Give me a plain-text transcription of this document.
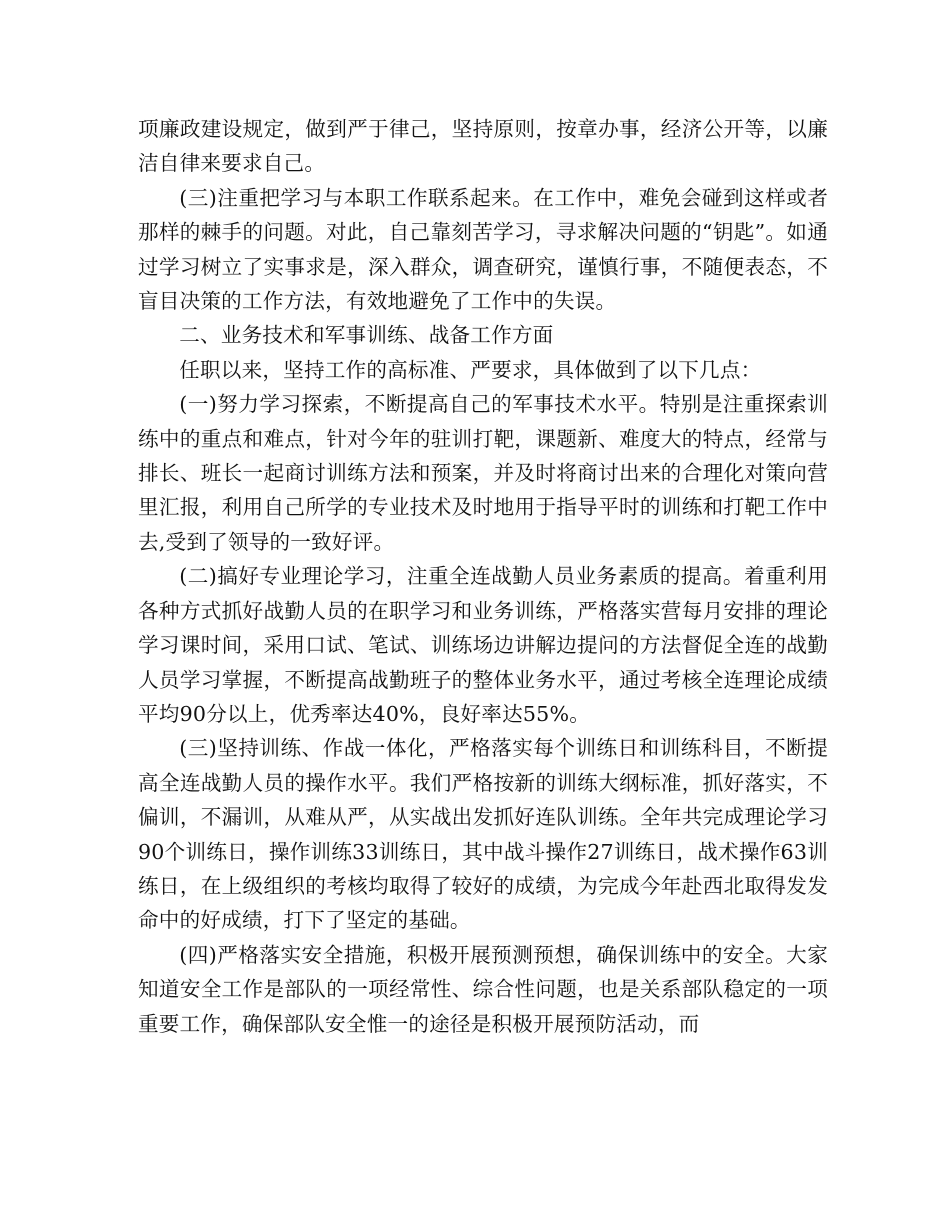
项廉政建设规定，做到严于律己，坚持原则，按章办事，经济公开等，以廉洁自律来要求自己。

(三)注重把学习与本职工作联系起来。在工作中，难免会碰到这样或者那样的棘手的问题。对此，自己靠刻苦学习，寻求解决问题的“钥匙”。如通过学习树立了实事求是，深入群众，调查研究，谨慎行事，不随便表态，不盲目决策的工作方法，有效地避免了工作中的失误。

二、业务技术和军事训练、战备工作方面

任职以来，坚持工作的高标准、严要求，具体做到了以下几点：

(一)努力学习探索，不断提高自己的军事技术水平。特别是注重探索训练中的重点和难点，针对今年的驻训打靶，课题新、难度大的特点，经常与排长、班长一起商讨训练方法和预案，并及时将商讨出来的合理化对策向营里汇报，利用自己所学的专业技术及时地用于指导平时的训练和打靶工作中去,受到了领导的一致好评。

(二)搞好专业理论学习，注重全连战勤人员业务素质的提高。着重利用各种方式抓好战勤人员的在职学习和业务训练，严格落实营每月安排的理论学习课时间，采用口试、笔试、训练场边讲解边提问的方法督促全连的战勤人员学习掌握，不断提高战勤班子的整体业务水平，通过考核全连理论成绩平均90分以上，优秀率达40%，良好率达55%。

(三)坚持训练、作战一体化，严格落实每个训练日和训练科目，不断提高全连战勤人员的操作水平。我们严格按新的训练大纲标准，抓好落实，不偏训，不漏训，从难从严，从实战出发抓好连队训练。全年共完成理论学习90个训练日，操作训练33训练日，其中战斗操作27训练日，战术操作63训练日，在上级组织的考核均取得了较好的成绩，为完成今年赴西北取得发发命中的好成绩，打下了坚定的基础。

(四)严格落实安全措施，积极开展预测预想，确保训练中的安全。大家知道安全工作是部队的一项经常性、综合性问题，也是关系部队稳定的一项重要工作，确保部队安全惟一的途径是积极开展预防活动，而
